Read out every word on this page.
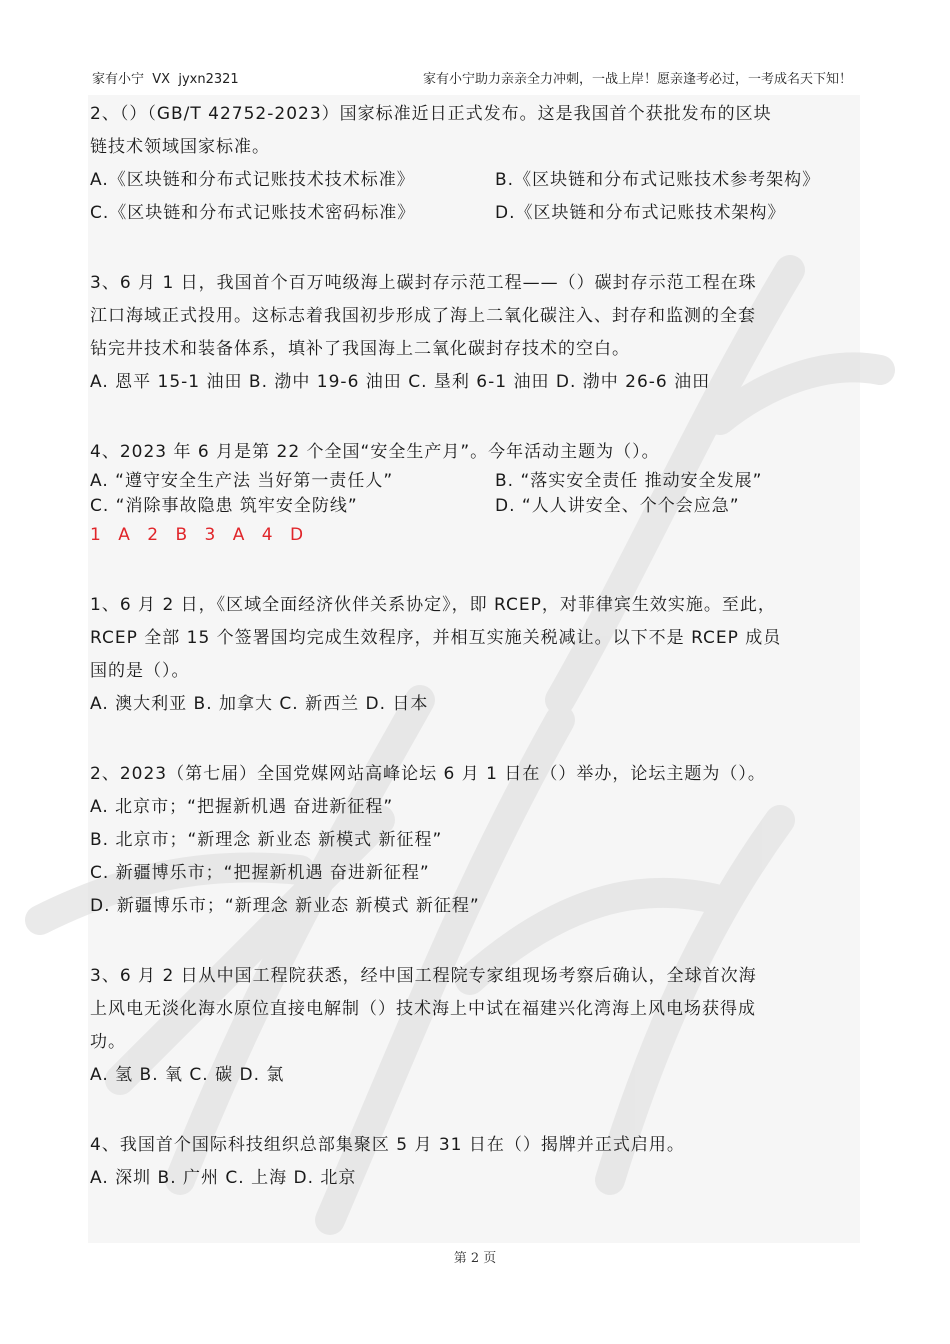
家有小宁  VX  jyxn2321	家有小宁助力亲亲全力冲刺，一战上岸！愿亲逢考必过，一考成名天下知！
2、（）（GB/T 42752-2023）国家标准近日正式发布。这是我国首个获批发布的区块
链技术领域国家标准。
A.《区块链和分布式记账技术技术标准》	B.《区块链和分布式记账技术参考架构》
C.《区块链和分布式记账技术密码标准》	D.《区块链和分布式记账技术架构》
3、6 月 1 日，我国首个百万吨级海上碳封存示范工程——（）碳封存示范工程在珠
江口海域正式投用。这标志着我国初步形成了海上二氧化碳注入、封存和监测的全套
钻完井技术和装备体系，填补了我国海上二氧化碳封存技术的空白。
A. 恩平 15-1 油田 B. 渤中 19-6 油田 C. 垦利 6-1 油田 D. 渤中 26-6 油田
4、2023 年 6 月是第 22 个全国“安全生产月”。今年活动主题为（）。
A. “遵守安全生产法 当好第一责任人”	B. “落实安全责任 推动安全发展”
C. “消除事故隐患 筑牢安全防线”	D. “人人讲安全、个个会应急”
1 A 2 B 3 A 4 D
1、6 月 2 日，《区域全面经济伙伴关系协定》，即 RCEP，对菲律宾生效实施。至此，
RCEP 全部 15 个签署国均完成生效程序，并相互实施关税减让。以下不是 RCEP 成员
国的是（）。
A. 澳大利亚 B. 加拿大 C. 新西兰 D. 日本
2、2023（第七届）全国党媒网站高峰论坛 6 月 1 日在（）举办，论坛主题为（）。
A. 北京市；“把握新机遇 奋进新征程”
B. 北京市；“新理念 新业态 新模式 新征程”
C. 新疆博乐市；“把握新机遇 奋进新征程”
D. 新疆博乐市；“新理念 新业态 新模式 新征程”
3、6 月 2 日从中国工程院获悉，经中国工程院专家组现场考察后确认，全球首次海
上风电无淡化海水原位直接电解制（）技术海上中试在福建兴化湾海上风电场获得成
功。
A. 氢 B. 氧 C. 碳 D. 氯
4、我国首个国际科技组织总部集聚区 5 月 31 日在（）揭牌并正式启用。
A. 深圳 B. 广州 C. 上海 D. 北京
第 2 页
